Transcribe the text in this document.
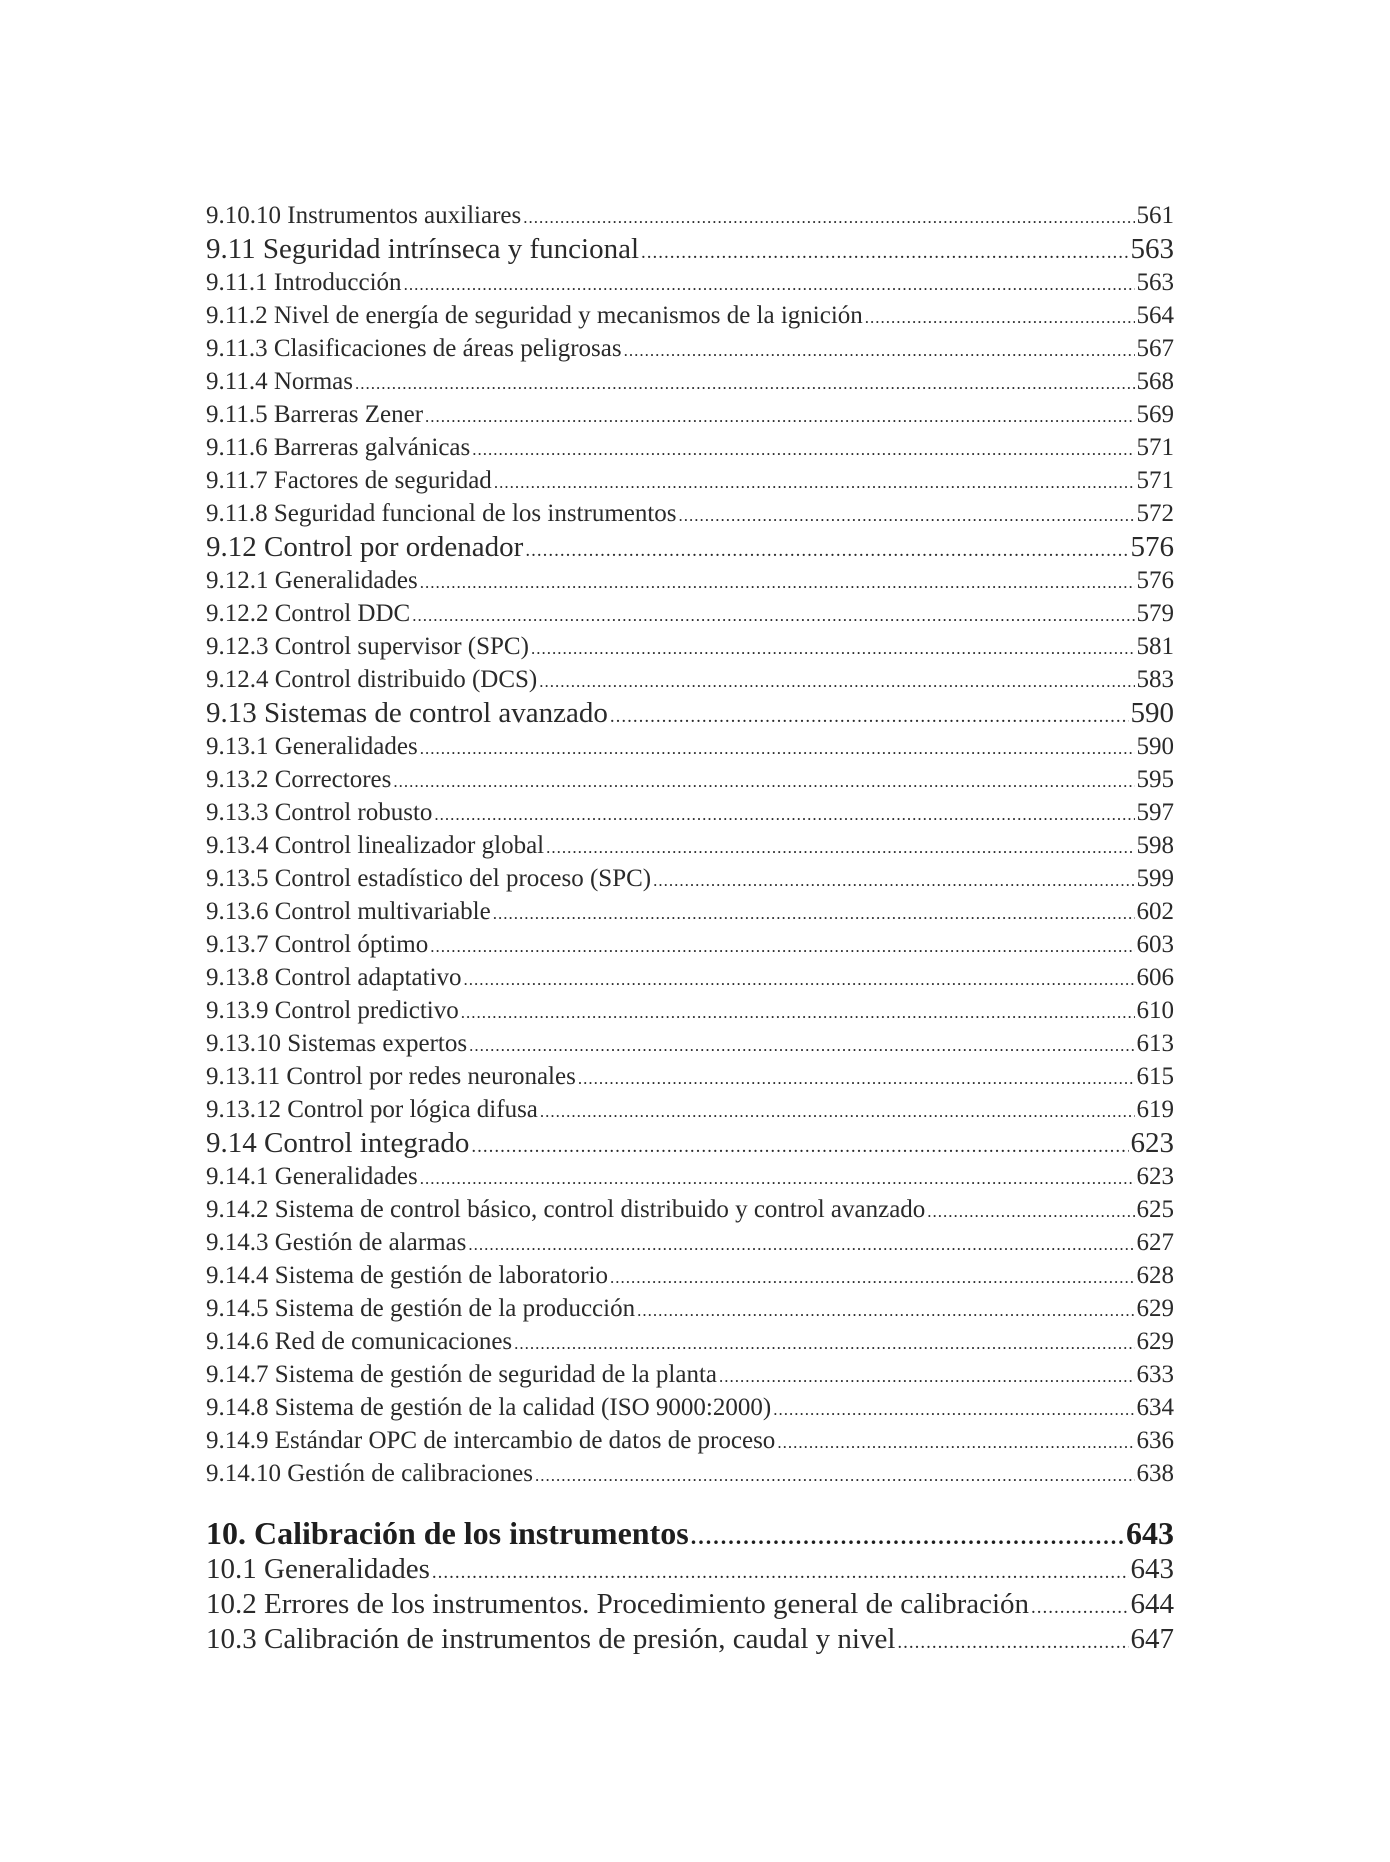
9.10.10 Instrumentos auxiliares .....	561
9.11 Seguridad intrínseca y funcional .....	563
9.11.1 Introducción .....	563
9.11.2 Nivel de energía de seguridad y mecanismos de la ignición .....	564
9.11.3 Clasificaciones de áreas peligrosas .....	567
9.11.4 Normas .....	568
9.11.5 Barreras Zener .....	569
9.11.6 Barreras galvánicas .....	571
9.11.7 Factores de seguridad .....	571
9.11.8 Seguridad funcional de los instrumentos .....	572
9.12 Control por ordenador .....	576
9.12.1 Generalidades .....	576
9.12.2 Control DDC .....	579
9.12.3 Control supervisor (SPC) .....	581
9.12.4 Control distribuido (DCS) .....	583
9.13 Sistemas de control avanzado .....	590
9.13.1 Generalidades .....	590
9.13.2 Correctores .....	595
9.13.3 Control robusto .....	597
9.13.4 Control linealizador global .....	598
9.13.5 Control estadístico del proceso (SPC) .....	599
9.13.6 Control multivariable .....	602
9.13.7 Control óptimo .....	603
9.13.8 Control adaptativo .....	606
9.13.9 Control predictivo .....	610
9.13.10 Sistemas expertos .....	613
9.13.11 Control por redes neuronales .....	615
9.13.12 Control por lógica difusa .....	619
9.14 Control integrado .....	623
9.14.1 Generalidades .....	623
9.14.2 Sistema de control básico, control distribuido y control avanzado .....	625
9.14.3 Gestión de alarmas .....	627
9.14.4 Sistema de gestión de laboratorio .....	628
9.14.5 Sistema de gestión de la producción .....	629
9.14.6 Red de comunicaciones .....	629
9.14.7 Sistema de gestión de seguridad de la planta .....	633
9.14.8 Sistema de gestión de la calidad (ISO 9000:2000) .....	634
9.14.9 Estándar OPC de intercambio de datos de proceso .....	636
9.14.10 Gestión de calibraciones .....	638
10. Calibración de los instrumentos .....	643
10.1 Generalidades .....	643
10.2 Errores de los instrumentos. Procedimiento general de calibración .....	644
10.3 Calibración de instrumentos de presión, caudal y nivel .....	647
